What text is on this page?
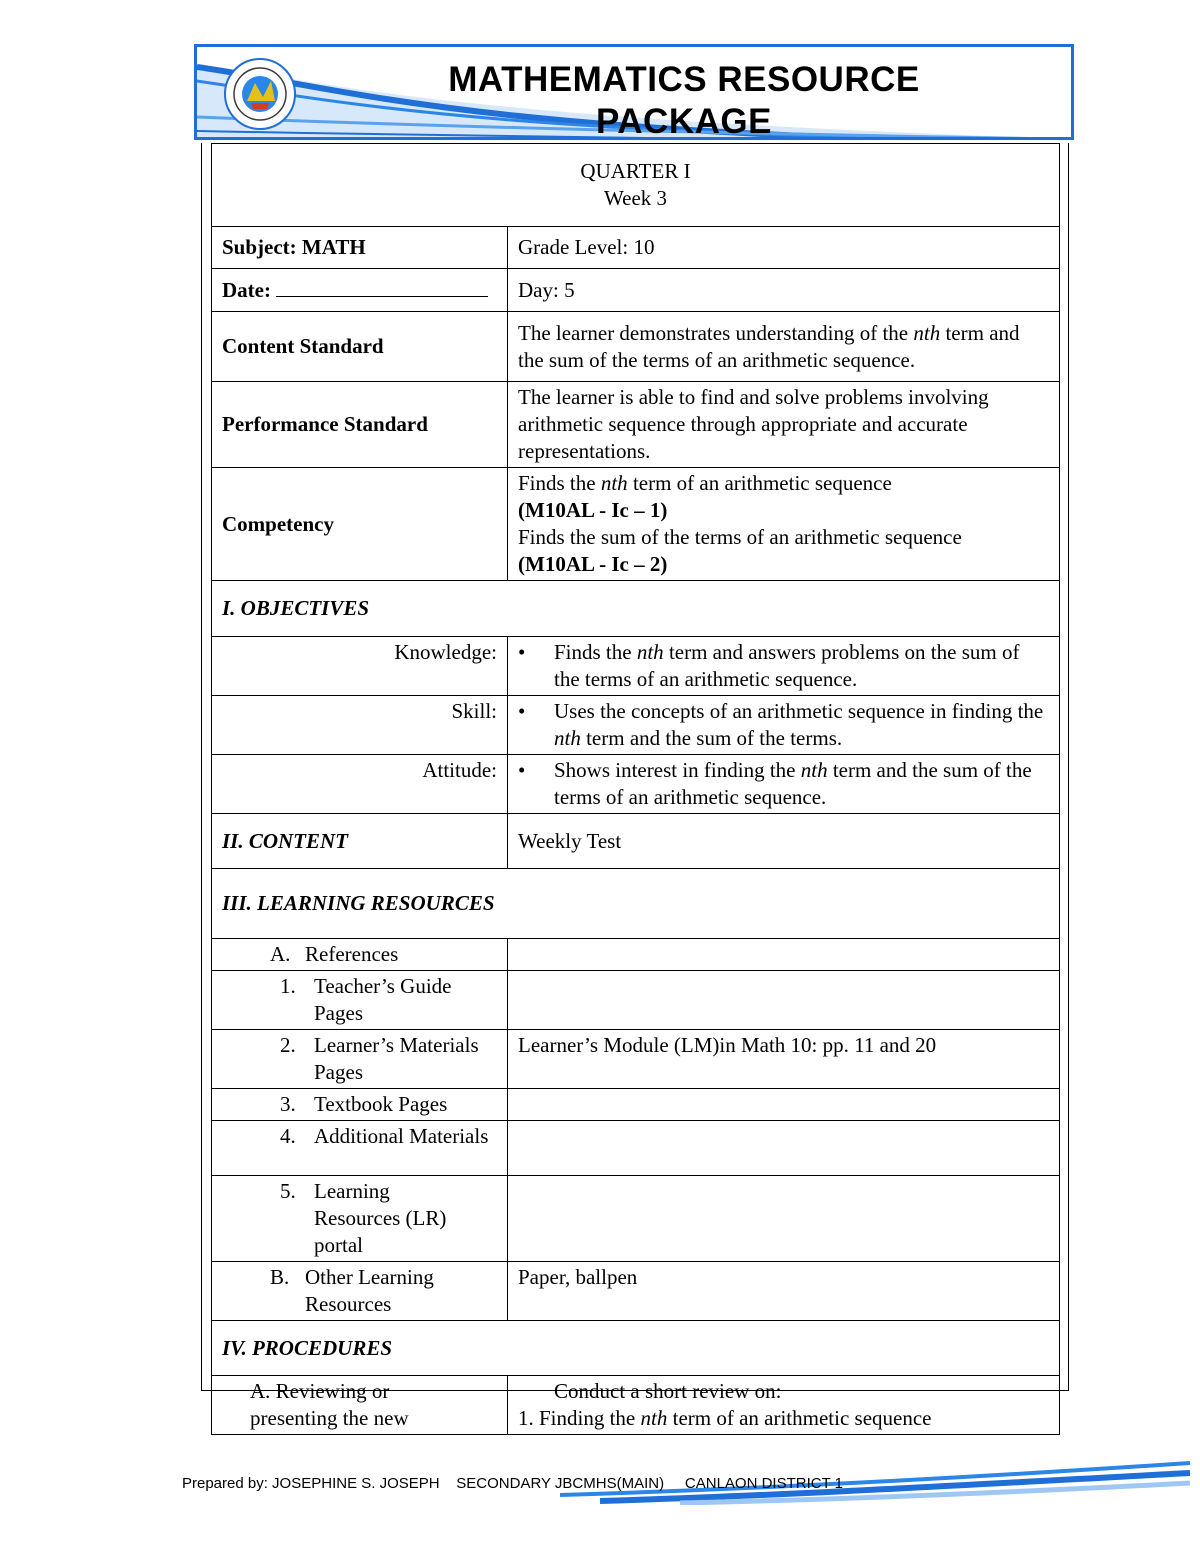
MATHEMATICS RESOURCE
PACKAGE
QUARTER I
Week 3	

Subject: MATH	Grade Level: 10
Date:	Day: 5
Content Standard	The learner demonstrates understanding of the nth term and the sum of the terms of an arithmetic sequence.
Performance Standard	The learner is able to find and solve problems involving arithmetic sequence through appropriate and accurate representations.
Competency	Finds the nth term of an arithmetic sequence
(M10AL - Ic – 1)
Finds the sum of the terms of an arithmetic sequence
(M10AL - Ic – 2)

I. OBJECTIVES	
Knowledge:	• Finds the nth term and answers problems on the sum of the terms of an arithmetic sequence.

Skill:	• Uses the concepts of an arithmetic sequence in finding the nth term and the sum of the terms.

Attitude:	• Shows interest in finding the nth term and the sum of the terms of an arithmetic sequence.

II. CONTENT	Weekly Test
III. LEARNING RESOURCES	

A. References	

1. Teacher’s Guide Pages	

2. Learner’s Materials Pages	Learner’s Module (LM)in Math 10: pp. 11 and 20

3. Textbook Pages	

4. Additional Materials	

5. Learning Resources (LR) portal	

B. Other Learning Resources	Paper, ballpen
IV. PROCEDURES	

A. Reviewing or presenting the new	Conduct a short review on:
1. Finding the nth term of an arithmetic sequence
Prepared by: JOSEPHINE S. JOSEPH    SECONDARY JBCMHS(MAIN)     CANLAON DISTRICT 1
